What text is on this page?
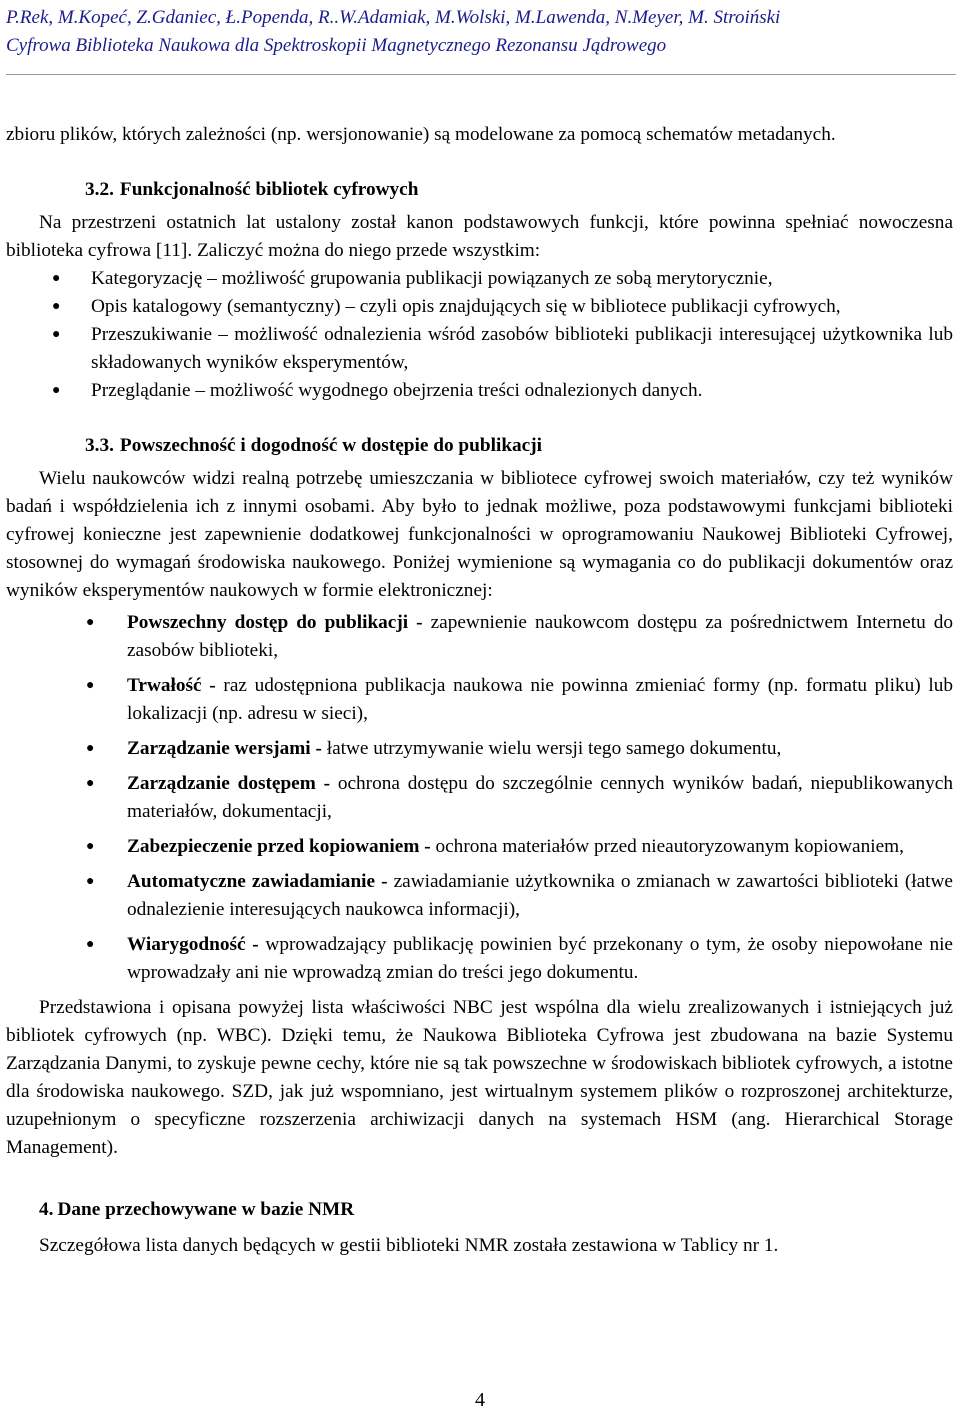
P.Rek, M.Kopeć, Z.Gdaniec, Ł.Popenda, R..W.Adamiak, M.Wolski, M.Lawenda, N.Meyer, M. Stroiński
Cyfrowa Biblioteka Naukowa dla Spektroskopii Magnetycznego Rezonansu Jądrowego

zbioru plików, których zależności (np. wersjonowanie) są modelowane za pomocą schematów metadanych.

3.2. Funkcjonalność bibliotek cyfrowych

Na przestrzeni ostatnich lat ustalony został kanon podstawowych funkcji, które powinna spełniać nowoczesna biblioteka cyfrowa [11]. Zaliczyć można do niego przede wszystkim:

● Kategoryzację – możliwość grupowania publikacji powiązanych ze sobą merytorycznie,
● Opis katalogowy (semantyczny) – czyli opis znajdujących się w bibliotece publikacji cyfrowych,
● Przeszukiwanie – możliwość odnalezienia wśród zasobów biblioteki publikacji interesującej użytkownika lub składowanych wyników eksperymentów,
● Przeglądanie – możliwość wygodnego obejrzenia treści odnalezionych danych.
3.3. Powszechność i dogodność w dostępie do publikacji

Wielu naukowców widzi realną potrzebę umieszczania w bibliotece cyfrowej swoich materiałów, czy też wyników badań i współdzielenia ich z innymi osobami. Aby było to jednak możliwe, poza podstawowymi funkcjami biblioteki cyfrowej konieczne jest zapewnienie dodatkowej funkcjonalności w oprogramowaniu Naukowej Biblioteki Cyfrowej, stosownej do wymagań środowiska naukowego. Poniżej wymienione są wymagania co do publikacji dokumentów oraz wyników eksperymentów naukowych w formie elektronicznej:

● Powszechny dostęp do publikacji - zapewnienie naukowcom dostępu za pośrednictwem Internetu do zasobów biblioteki,
● Trwałość - raz udostępniona publikacja naukowa nie powinna zmieniać formy (np. formatu pliku) lub lokalizacji (np. adresu w sieci),
● Zarządzanie wersjami - łatwe utrzymywanie wielu wersji tego samego dokumentu,
● Zarządzanie dostępem - ochrona dostępu do szczególnie cennych wyników badań, niepublikowanych materiałów, dokumentacji,
● Zabezpieczenie przed kopiowaniem - ochrona materiałów przed nieautoryzowanym kopiowaniem,
● Automatyczne zawiadamianie - zawiadamianie użytkownika o zmianach w zawartości biblioteki (łatwe odnalezienie interesujących naukowca informacji),
● Wiarygodność - wprowadzający publikację powinien być przekonany o tym, że osoby niepowołane nie wprowadzały ani nie wprowadzą zmian do treści jego dokumentu.

Przedstawiona i opisana powyżej lista właściwości NBC jest wspólna dla wielu zrealizowanych i istniejących już bibliotek cyfrowych (np. WBC). Dzięki temu, że Naukowa Biblioteka Cyfrowa jest zbudowana na bazie Systemu Zarządzania Danymi, to zyskuje pewne cechy, które nie są tak powszechne w środowiskach bibliotek cyfrowych, a istotne dla środowiska naukowego. SZD, jak już wspomniano, jest wirtualnym systemem plików o rozproszonej architekturze, uzupełnionym o specyficzne rozszerzenia archiwizacji danych na systemach HSM (ang. Hierarchical Storage Management).

4. Dane przechowywane w bazie NMR

Szczegółowa lista danych będących w gestii biblioteki NMR została zestawiona w Tablicy nr 1.

4
